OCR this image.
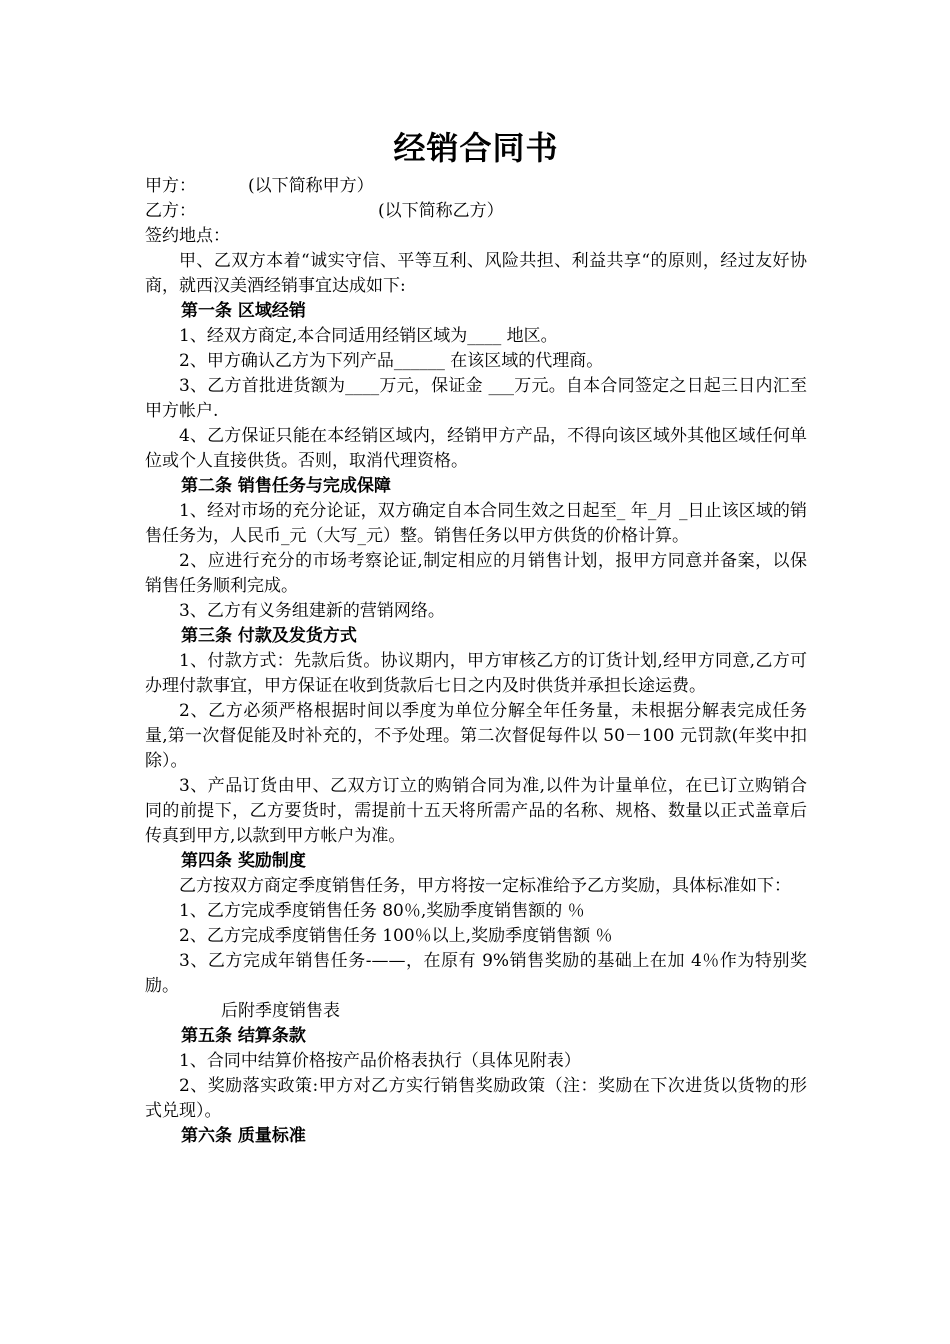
经销合同书

甲方：	(以下简称甲方）

乙方：	(以下简称乙方）

签约地点：

甲、乙双方本着“诚实守信、平等互利、风险共担、利益共享“的原则，经过友好协商，就西汉美酒经销事宜达成如下:

第一条 区域经销

1、经双方商定,本合同适用经销区域为____ 地区。

2、甲方确认乙方为下列产品______ 在该区域的代理商。

3、乙方首批进货额为____万元，保证金 ___万元。自本合同签定之日起三日内汇至甲方帐户.

4、乙方保证只能在本经销区域内，经销甲方产品，不得向该区域外其他区域任何单位或个人直接供货。否则，取消代理资格。

第二条 销售任务与完成保障

1、经对市场的充分论证，双方确定自本合同生效之日起至_ 年_月 _日止该区域的销售任务为，人民币_元（大写_元）整。销售任务以甲方供货的价格计算。

2、应进行充分的市场考察论证,制定相应的月销售计划，报甲方同意并备案，以保销售任务顺利完成。

3、乙方有义务组建新的营销网络。

第三条 付款及发货方式

1、付款方式：先款后货。协议期内，甲方审核乙方的订货计划,经甲方同意,乙方可办理付款事宜，甲方保证在收到货款后七日之内及时供货并承担长途运费。

2、乙方必须严格根据时间以季度为单位分解全年任务量，未根据分解表完成任务量,第一次督促能及时补充的，不予处理。第二次督促每件以 50－100 元罚款(年奖中扣除）。

3、产品订货由甲、乙双方订立的购销合同为准,以件为计量单位，在已订立购销合同的前提下，乙方要货时，需提前十五天将所需产品的名称、规格、数量以正式盖章后传真到甲方,以款到甲方帐户为准。

第四条 奖励制度

乙方按双方商定季度销售任务，甲方将按一定标准给予乙方奖励，具体标准如下：

1、乙方完成季度销售任务 80％,奖励季度销售额的 ％

2、乙方完成季度销售任务 100％以上,奖励季度销售额 ％

3、乙方完成年销售任务-——，在原有 9%销售奖励的基础上在加 4％作为特别奖励。

后附季度销售表

第五条 结算条款

1、合同中结算价格按产品价格表执行（具体见附表）

2、奖励落实政策:甲方对乙方实行销售奖励政策（注：奖励在下次进货以货物的形式兑现）。

第六条 质量标准
